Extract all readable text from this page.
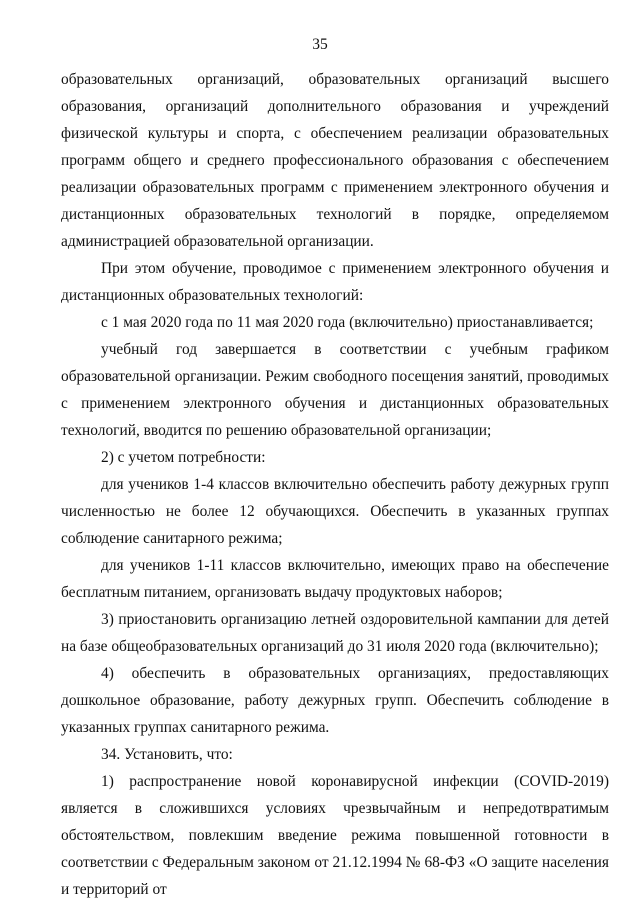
35

образовательных организаций, образовательных организаций высшего образования, организаций дополнительного образования и учреждений физической культуры и спорта, с обеспечением реализации образовательных программ общего и среднего профессионального образования с обеспечением реализации образовательных программ с применением электронного обучения и дистанционных образовательных технологий в порядке, определяемом администрацией образовательной организации.

При этом обучение, проводимое с применением электронного обучения и дистанционных образовательных технологий:

с 1 мая 2020 года по 11 мая 2020 года (включительно) приостанавливается;

учебный год завершается в соответствии с учебным графиком образовательной организации. Режим свободного посещения занятий, проводимых с применением электронного обучения и дистанционных образовательных технологий, вводится по решению образовательной организации;

2) с учетом потребности:

для учеников 1-4 классов включительно обеспечить работу дежурных групп численностью не более 12 обучающихся. Обеспечить в указанных группах соблюдение санитарного режима;

для учеников 1-11 классов включительно, имеющих право на обеспечение бесплатным питанием, организовать выдачу продуктовых наборов;

3) приостановить организацию летней оздоровительной кампании для детей на базе общеобразовательных организаций до 31 июля 2020 года (включительно);

4) обеспечить в образовательных организациях, предоставляющих дошкольное образование, работу дежурных групп. Обеспечить соблюдение в указанных группах санитарного режима.

34. Установить, что:

1) распространение новой коронавирусной инфекции (COVID-2019) является в сложившихся условиях чрезвычайным и непредотвратимым обстоятельством, повлекшим введение режима повышенной готовности в соответствии с Федеральным законом от 21.12.1994 № 68-ФЗ «О защите населения и территорий от
